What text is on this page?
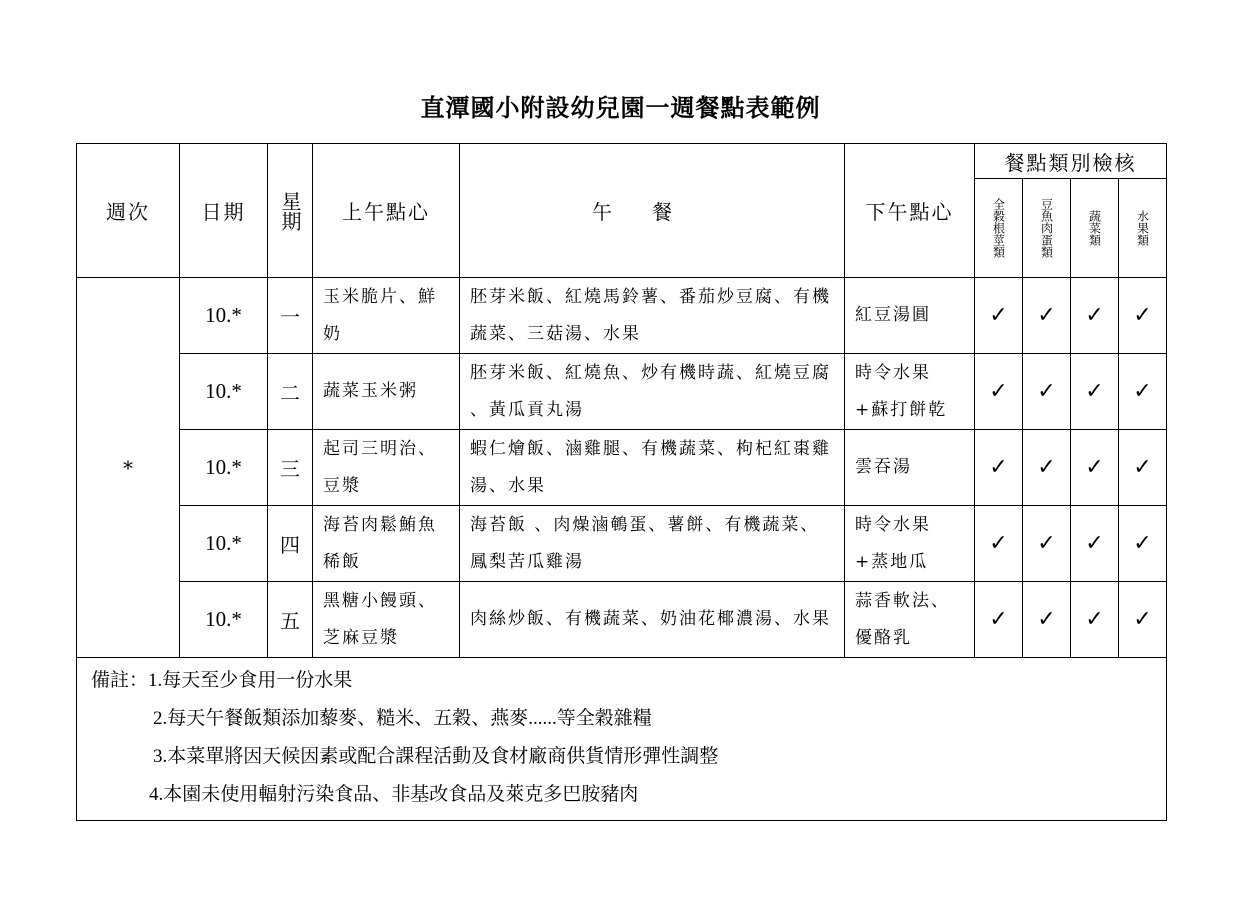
直潭國小附設幼兒園一週餐點表範例
週次	日期	星期	上午點心	午餐	下午點心	餐點類別檢核			

						全穀根莖類	豆魚肉蛋類	蔬菜類	水果類

*	10.*	一	玉米脆片、鮮奶	胚芽米飯、紅燒馬鈴薯、番茄炒豆腐、有機蔬菜、三菇湯、水果	紅豆湯圓	✓	✓	✓	✓
	10.*	二	蔬菜玉米粥	胚芽米飯、紅燒魚、炒有機時蔬、紅燒豆腐 、黃瓜貢丸湯	時令水果+蘇打餅乾	✓	✓	✓	✓
	10.*	三	起司三明治、豆漿	蝦仁燴飯、滷雞腿、有機蔬菜、枸杞紅棗雞湯、水果	雲吞湯	✓	✓	✓	✓
	10.*	四	海苔肉鬆鮪魚稀飯	海苔飯 、肉燥滷鵪蛋、薯餅、有機蔬菜、鳳梨苦瓜雞湯	時令水果+蒸地瓜	✓	✓	✓	✓
	10.*	五	黑糖小饅頭、芝麻豆漿	肉絲炒飯、有機蔬菜、奶油花椰濃湯、水果	蒜香軟法、優酪乳	✓	✓	✓	✓

備註：1.每天至少食用一份水果
2.每天午餐飯類添加藜麥、糙米、五穀、燕麥......等全穀雜糧
3.本菜單將因天候因素或配合課程活動及食材廠商供貨情形彈性調整
4.本園未使用輻射污染食品、非基改食品及萊克多巴胺豬肉									
